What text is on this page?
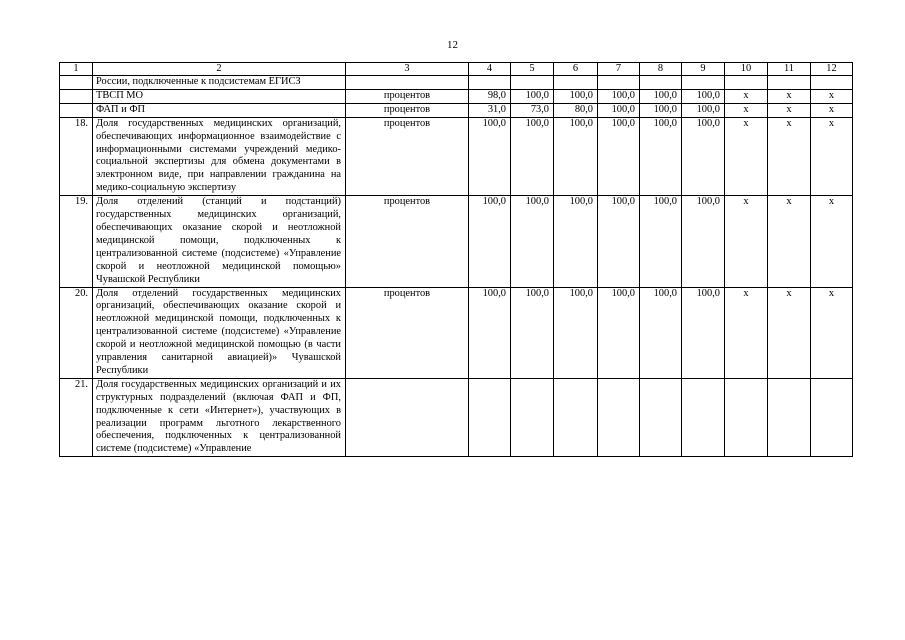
12
1	2	3	4	5	6	7	8	9	10	11	12
	России, подключенные к подсистемам ЕГИСЗ										
	ТВСП МО	процентов	98,0	100,0	100,0	100,0	100,0	100,0	х	х	х
	ФАП и ФП	процентов	31,0	73,0	80,0	100,0	100,0	100,0	х	х	х
18.	Доля государственных медицинских организаций, обеспечивающих информационное взаимодействие с информационными системами учреждений медико-социальной экспертизы для обмена документами в электронном виде, при направлении гражданина на медико-социальную экспертизу	процентов	100,0	100,0	100,0	100,0	100,0	100,0	х	х	х
19.	Доля отделений (станций и подстанций) государственных медицинских организаций, обеспечивающих оказание скорой и неотложной медицинской помощи, подключенных к централизованной системе (подсистеме) «Управление скорой и неотложной медицинской помощью» Чувашской Республики	процентов	100,0	100,0	100,0	100,0	100,0	100,0	х	х	х
20.	Доля отделений государственных медицинских организаций, обеспечивающих оказание скорой и неотложной медицинской помощи, подключенных к централизованной системе (подсистеме) «Управление скорой и неотложной медицинской помощью (в части управления санитарной авиацией)» Чувашской Республики	процентов	100,0	100,0	100,0	100,0	100,0	100,0	х	х	х
21.	Доля государственных медицинских организаций и их структурных подразделений (включая ФАП и ФП, подключенные к сети «Интернет»), участвующих в реализации программ льготного лекарственного обеспечения, подключенных к централизованной системе (подсистеме) «Управление										
